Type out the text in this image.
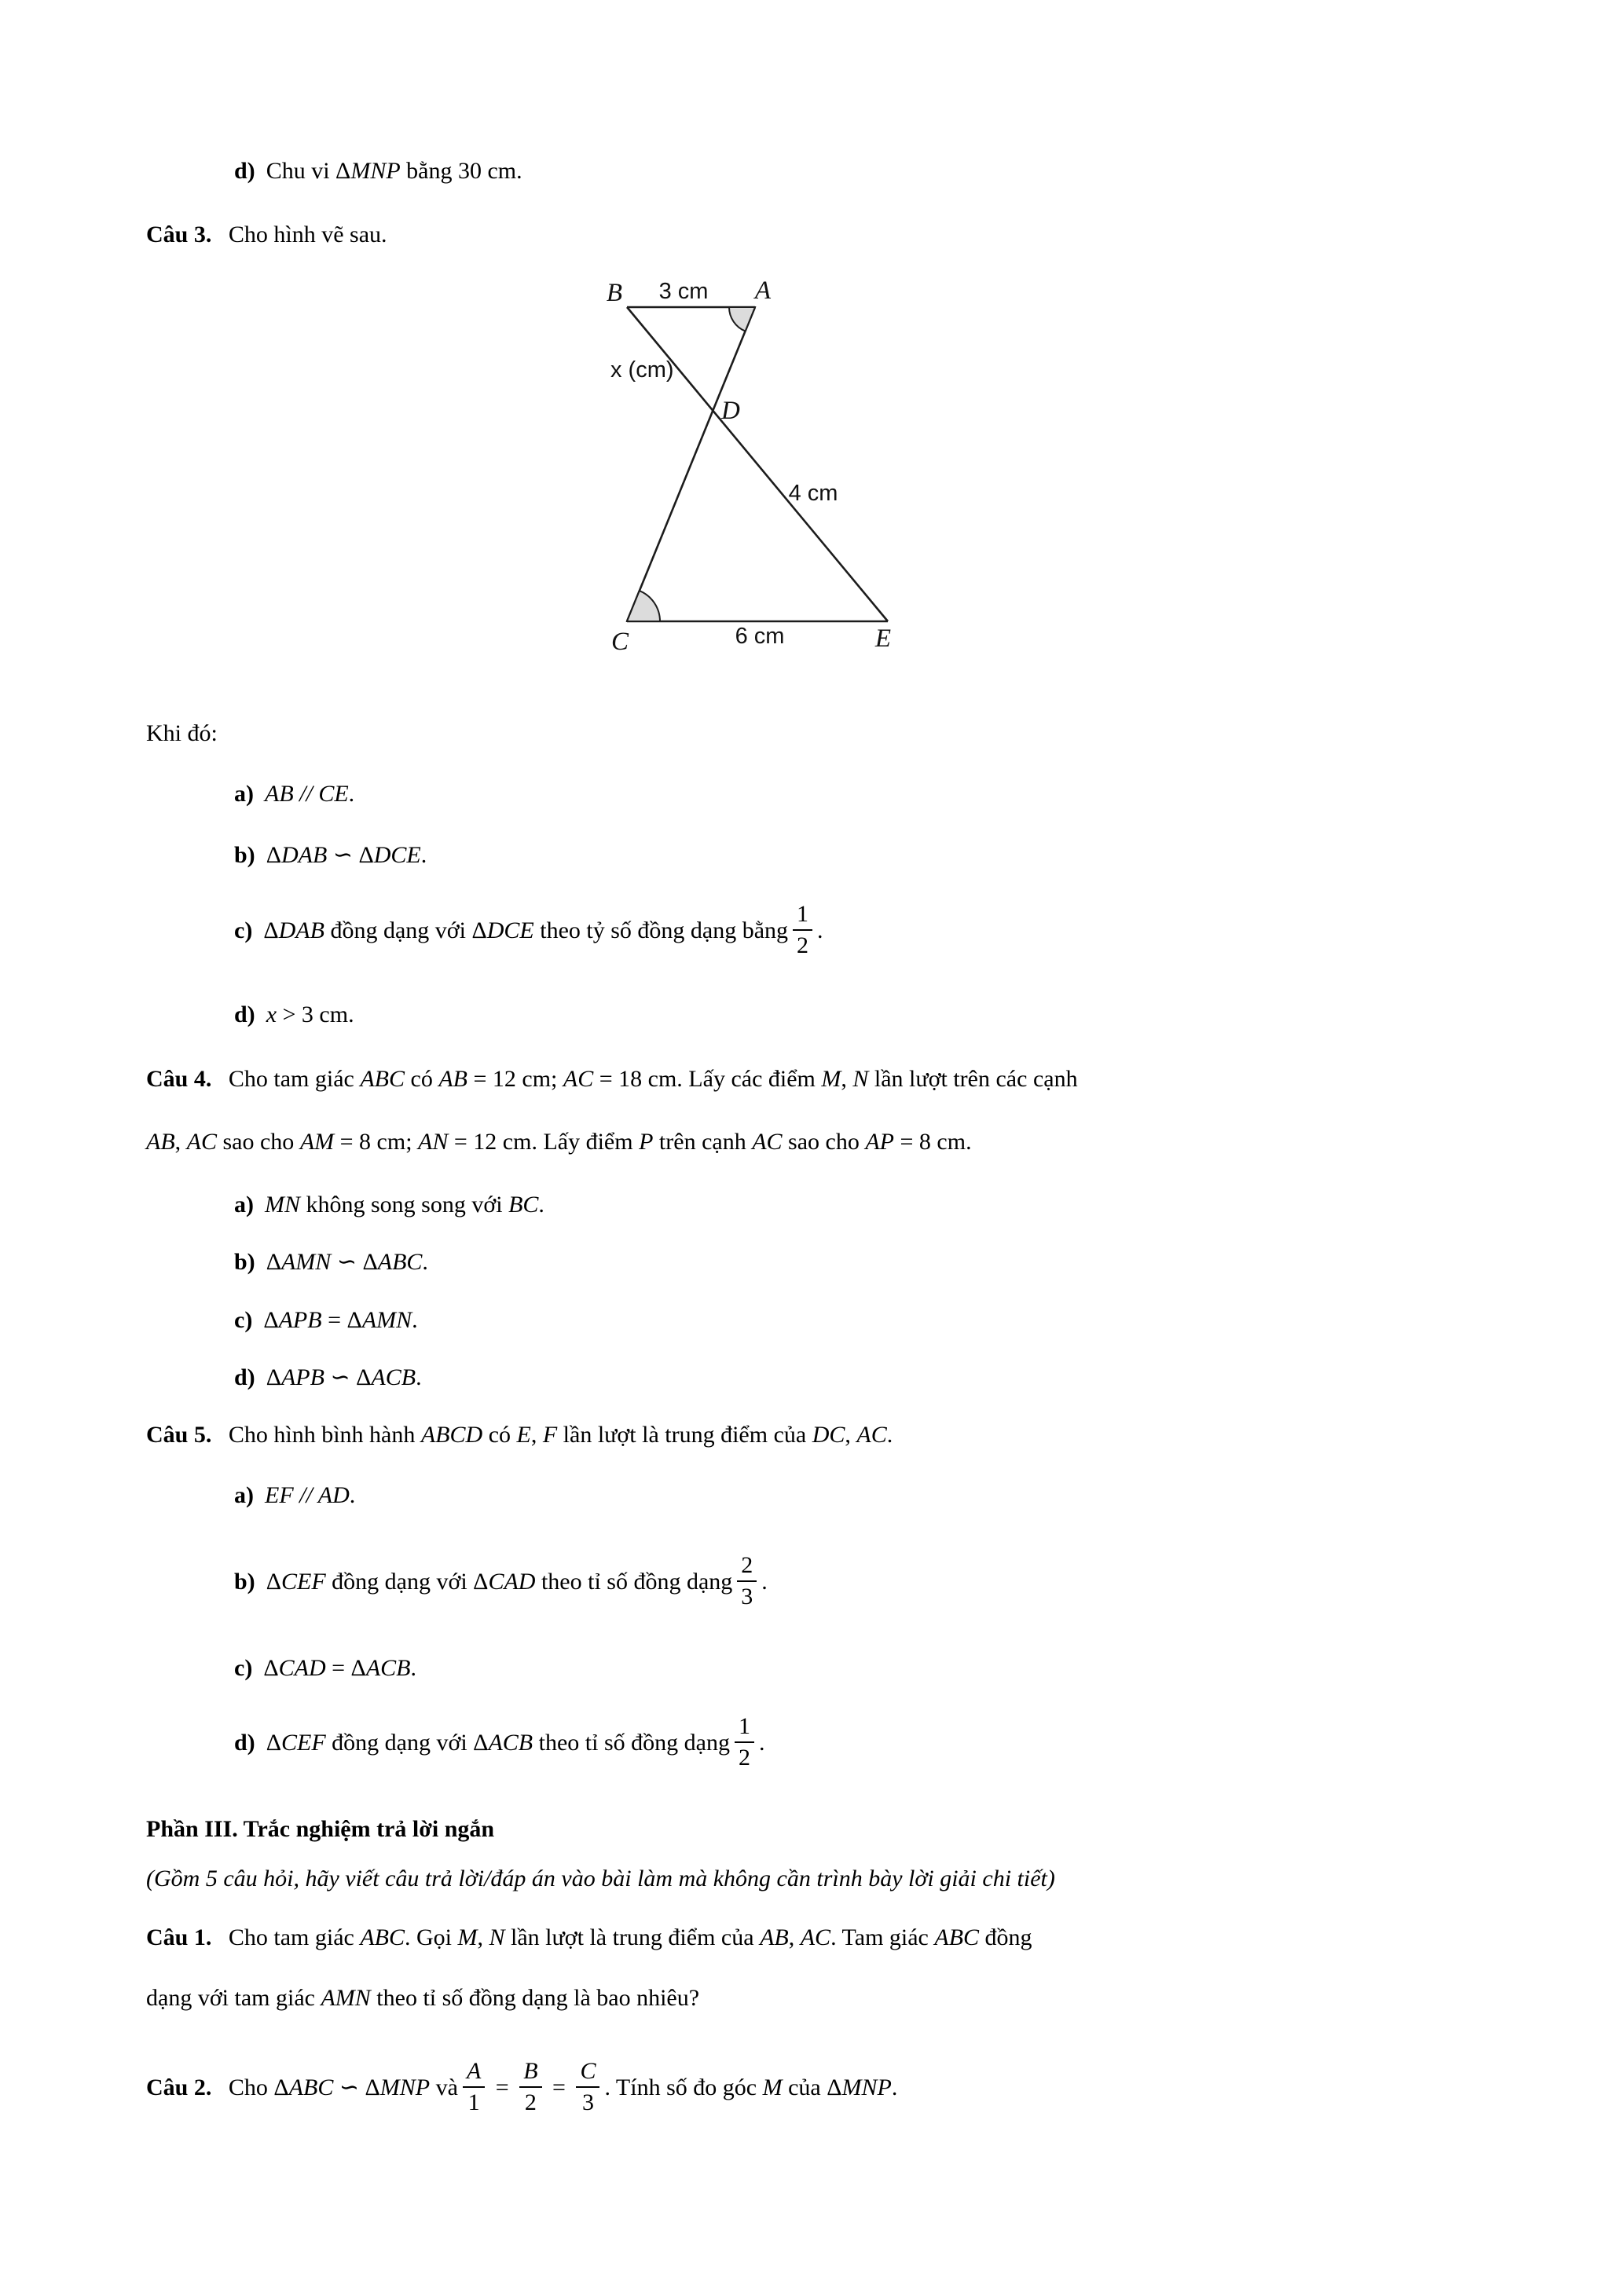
d) Chu vi ΔMNP bằng 30 cm.
Câu 3. Cho hình vẽ sau.
B	A
D
C	E
3 cm
x (cm)
4 cm
6 cm
Khi đó:
a) AB // CE.
b) ΔDAB ∽ ΔDCE.
c) ΔDAB đồng dạng với ΔDCE theo tỷ số đồng dạng bằng $\frac{1}{2}$ .
d) x > 3 cm.
Câu 4. Cho tam giác ABC có AB = 12 cm; AC = 18 cm. Lấy các điểm M, N lần lượt trên các cạnh
AB, AC sao cho AM = 8 cm; AN = 12 cm. Lấy điểm P trên cạnh AC sao cho AP = 8 cm.
a) MN không song song với BC.
b) ΔAMN ∽ ΔABC.
c) ΔAPB = ΔAMN.
d) ΔAPB ∽ ΔACB.
Câu 5. Cho hình bình hành ABCD có E, F lần lượt là trung điểm của DC, AC.
a) EF // AD.
b) ΔCEF đồng dạng với ΔCAD theo tỉ số đồng dạng $\frac{2}{3}$ .
c) ΔCAD = ΔACB.
d) ΔCEF đồng dạng với ΔACB theo tỉ số đồng dạng $\frac{1}{2}$ .
Phần III. Trắc nghiệm trả lời ngắn
(Gồm 5 câu hỏi, hãy viết câu trả lời/đáp án vào bài làm mà không cần trình bày lời giải chi tiết)
Câu 1. Cho tam giác ABC. Gọi M, N lần lượt là trung điểm của AB, AC. Tam giác ABC đồng
dạng với tam giác AMN theo tỉ số đồng dạng là bao nhiêu?
Câu 2. Cho ΔABC ∽ ΔMNP và $\frac{A}{1} = \frac{B}{2} = \frac{C}{3}$ . Tính số đo góc M của ΔMNP.
